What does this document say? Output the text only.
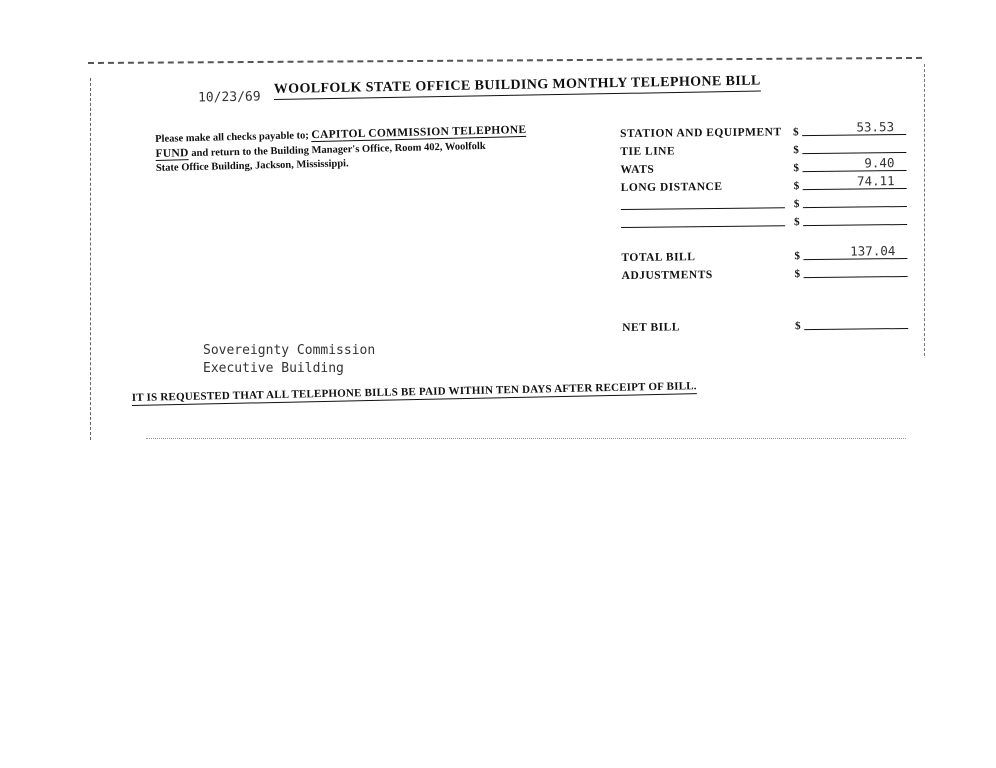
10/23/69
WOOLFOLK STATE OFFICE BUILDING MONTHLY TELEPHONE BILL
Please make all checks payable to; CAPITOL COMMISSION TELEPHONE
FUND and return to the Building Manager's Office, Room 402, Woolfolk
State Office Building, Jackson, Mississippi.
STATION AND EQUIPMENT $	53.53
TIE LINE	$
WATS	$	9.40
LONG DISTANCE	$	74.11
$
$
TOTAL BILL	$	137.04
ADJUSTMENTS	$
NET BILL	$
Sovereignty Commission
Executive Building
IT IS REQUESTED THAT ALL TELEPHONE BILLS BE PAID WITHIN TEN DAYS AFTER RECEIPT OF BILL.
